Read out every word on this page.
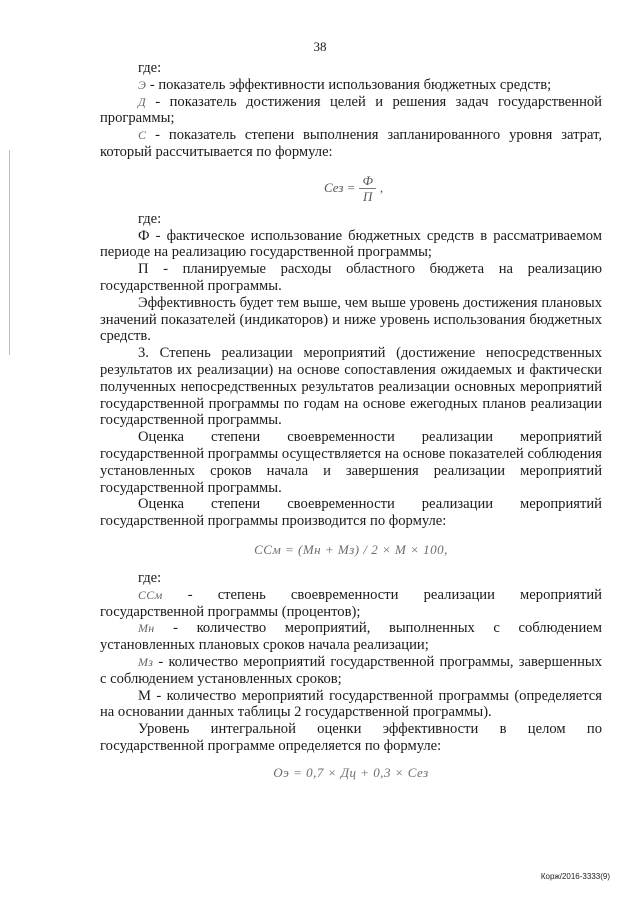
38

где:

Э - показатель эффективности использования бюджетных средств;

Д - показатель достижения целей и решения задач государственной программы;

С - показатель степени выполнения запланированного уровня затрат, который рассчитывается по формуле:

Сез = $\frac{Ф}{П}$ ,

где:

Ф - фактическое использование бюджетных средств в рассматриваемом периоде на реализацию государственной программы;

П - планируемые расходы областного бюджета на реализацию государственной программы.

Эффективность будет тем выше, чем выше уровень достижения плановых значений показателей (индикаторов) и ниже уровень использования бюджетных средств.

3. Степень реализации мероприятий (достижение непосредственных результатов их реализации) на основе сопоставления ожидаемых и фактически полученных непосредственных результатов реализации основных мероприятий государственной программы по годам на основе ежегодных планов реализации государственной программы.

Оценка степени своевременности реализации мероприятий государственной программы осуществляется на основе показателей соблюдения установленных сроков начала и завершения реализации мероприятий государственной программы.

Оценка степени своевременности реализации мероприятий государственной программы производится по формуле:

ССм = (Мн + Мз) / 2 × М × 100,

где:

ССм - степень своевременности реализации мероприятий государственной программы (процентов);

Мн - количество мероприятий, выполненных с соблюдением установленных плановых сроков начала реализации;

Мз - количество мероприятий государственной программы, завершенных с соблюдением установленных сроков;

М - количество мероприятий государственной программы (определяется на основании данных таблицы 2 государственной программы).

Уровень интегральной оценки эффективности в целом по государственной программе определяется по формуле:

Оэ = 0,7 × Дц + 0,3 × Сез

Корж/2016-3333(9)
